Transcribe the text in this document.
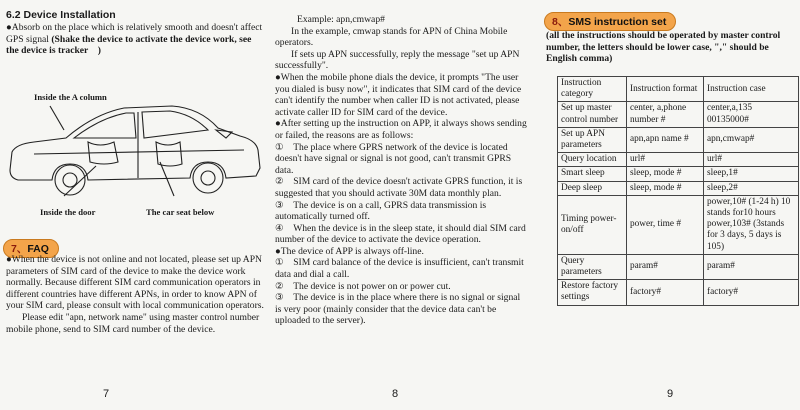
6.2 Device Installation

●Absorb on the place which is relatively smooth and doesn't affect GPS signal (Shake the device to activate the device work, see the device is tracker　)

Inside the A column
Inside the door	The car seat below
7、FAQ

●When the device is not online and not located, please set up APN parameters of SIM card of the device to make the device work normally. Because different SIM card communication operators in different countries have different APNs, in order to know APN of your SIM card, please consult with local communication operators.

Please edit "apn, network name" using master control number mobile phone, send to SIM card number of the device.

7

Example: apn,cmwap#

In the example, cmwap stands for APN of China Mobile operators.

If sets up APN successfully, reply the message "set up APN successfully".

●When the mobile phone dials the device, it prompts "The user you dialed is busy now", it indicates that SIM card of the device can't identify the number when caller ID is not activated, please activate caller ID for SIM card of the device.

●After setting up the instruction on APP, it always shows sending or failed, the reasons are as follows:

①　The place where GPRS network of the device is located doesn't have signal or signal is not good, can't transmit GPRS data.

②　SIM card of the device doesn't activate GPRS function, it is suggested that you should activate 30M data monthly plan.

③　The device is on a call, GPRS data transmission is automatically turned off.

④　When the device is in the sleep state, it should dial SIM card number of the device to activate the device operation.

●The device of APP is always off-line.

①　SIM card balance of the device is insufficient, can't transmit data and dial a call.

②　The device is not power on or power cut.

③　The device is in the place where there is no signal or signal is very poor (mainly consider that the device data can't be uploaded to the server).

8
8、SMS instruction set
(all the instructions should be operated by master control number, the letters should be lower case, "," should be English comma)
Instruction category	Instruction format	Instruction case
Set up master control number	center, a,phone number #	center,a,135 00135000#
Set up APN parameters	apn,apn name #	apn,cmwap#
Query location	url#	url#
Smart sleep	sleep, mode #	sleep,1#
Deep sleep	sleep, mode #	sleep,2#
Timing power-on/off	power, time #	power,10# (1-24 h) 10 stands for10 hours power,103# (3stands for 3 days, 5 days is 105)
Query parameters	param#	param#
Restore factory settings	factory#	factory#
9
